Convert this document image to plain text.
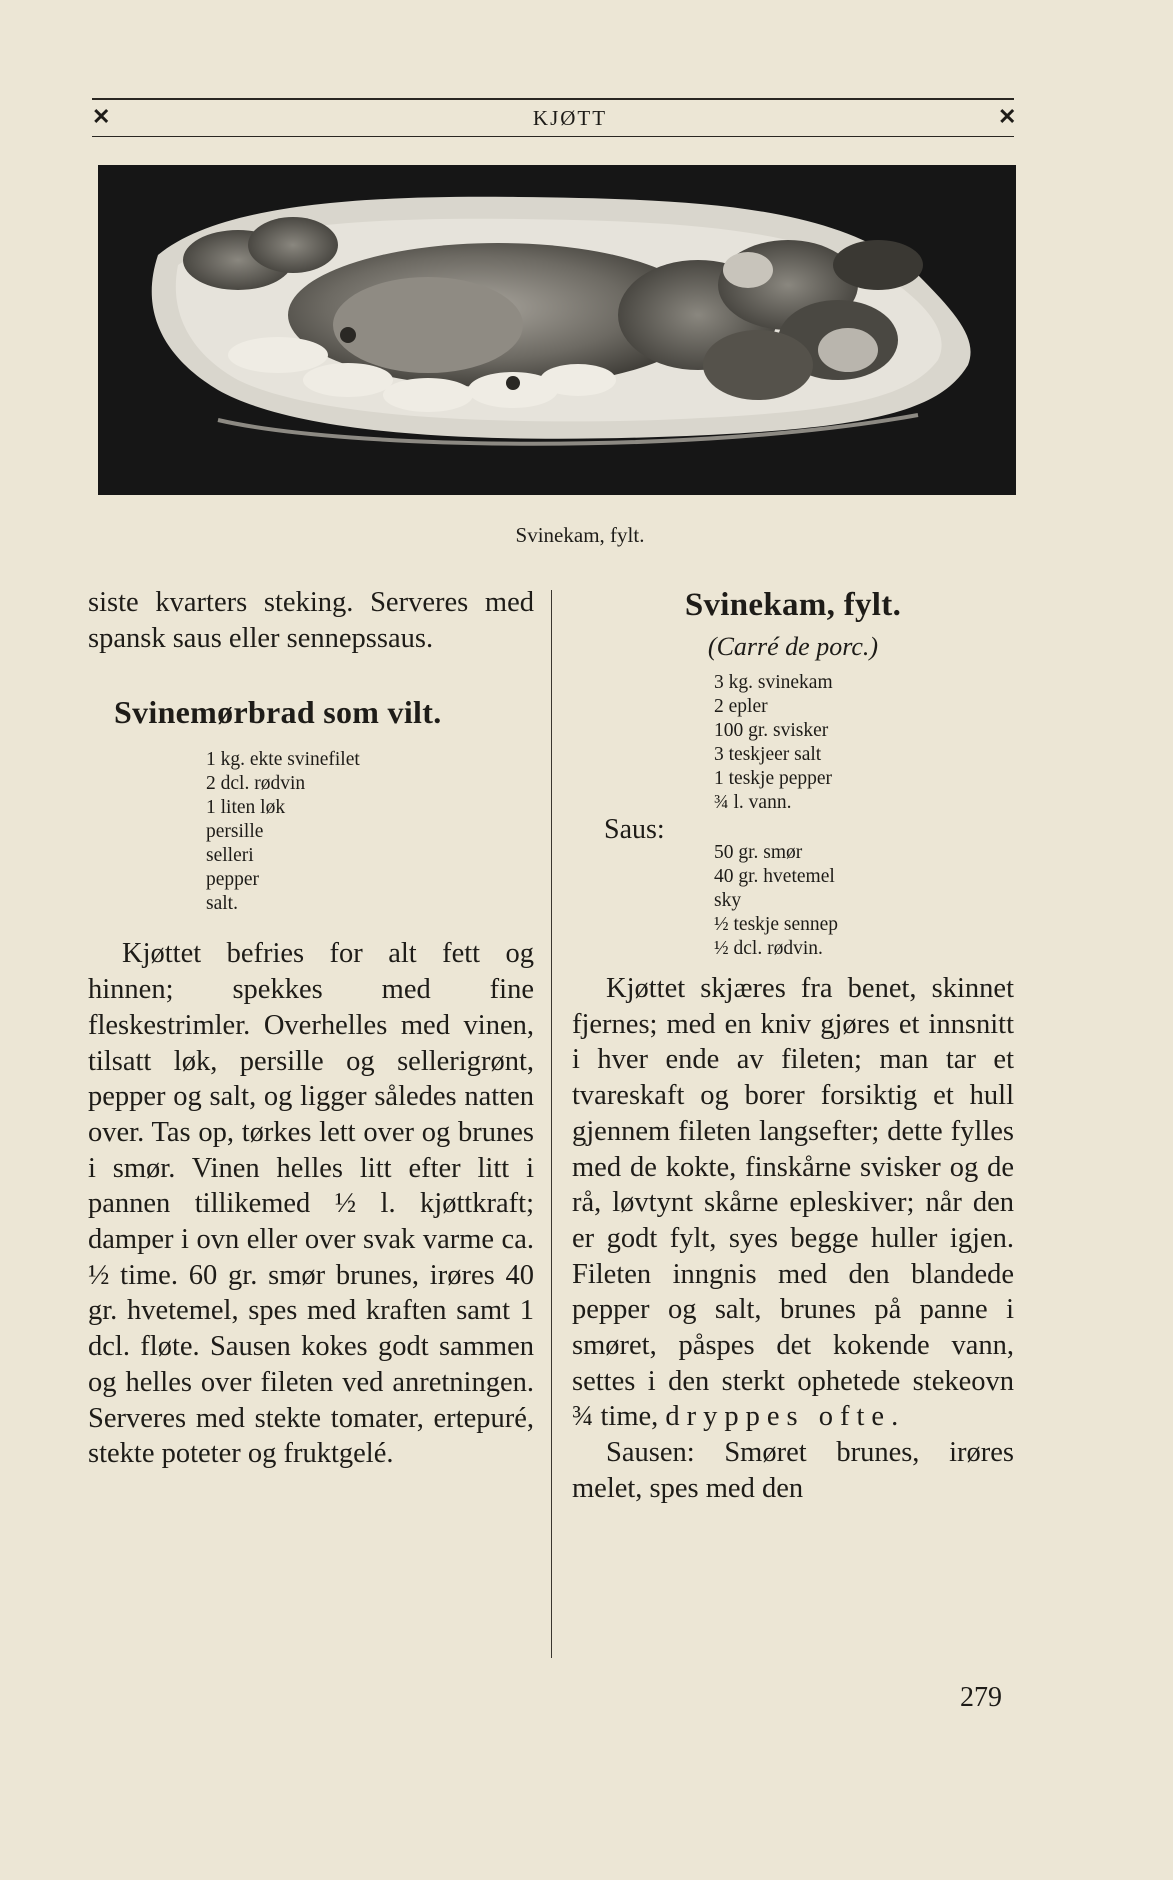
✕	KJØTT	✕
Svinekam, fylt.

siste kvarters steking. Serveres med spansk saus eller sennepssaus.

Svinemørbrad som vilt.
1 kg. ekte svinefilet
2 dcl. rødvin
1 liten løk
persille
selleri
pepper
salt.

Kjøttet befries for alt fett og hinnen; spekkes med fine fleskestrimler. Overhelles med vinen, tilsatt løk, persille og sellerigrønt, pepper og salt, og ligger således natten over. Tas op, tørkes lett over og brunes i smør. Vinen helles litt efter litt i pannen tillikemed ½ l. kjøttkraft; damper i ovn eller over svak varme ca. ½ time. 60 gr. smør brunes, irøres 40 gr. hvetemel, spes med kraften samt 1 dcl. fløte. Sausen kokes godt sammen og helles over fileten ved anretningen. Serveres med stekte tomater, ertepuré, stekte poteter og fruktgelé.

Svinekam, fylt.

(Carré de porc.)

3 kg. svinekam
2 epler
100 gr. svisker
3 teskjeer salt
1 teskje pepper
¾ l. vann.
Saus:
50 gr. smør
40 gr. hvetemel
sky
½ teskje sennep
½ dcl. rødvin.

Kjøttet skjæres fra benet, skinnet fjernes; med en kniv gjøres et innsnitt i hver ende av fileten; man tar et tvareskaft og borer forsiktig et hull gjennem fileten langsefter; dette fylles med de kokte, finskårne svisker og de rå, løvtynt skårne epleskiver; når den er godt fylt, syes begge huller igjen. Fileten inngnis med den blandede pepper og salt, brunes på panne i smøret, påspes det kokende vann, settes i den sterkt ophetede stekeovn ¾ time, dryppes ofte.

Sausen: Smøret brunes, irøres melet, spes med den

279
